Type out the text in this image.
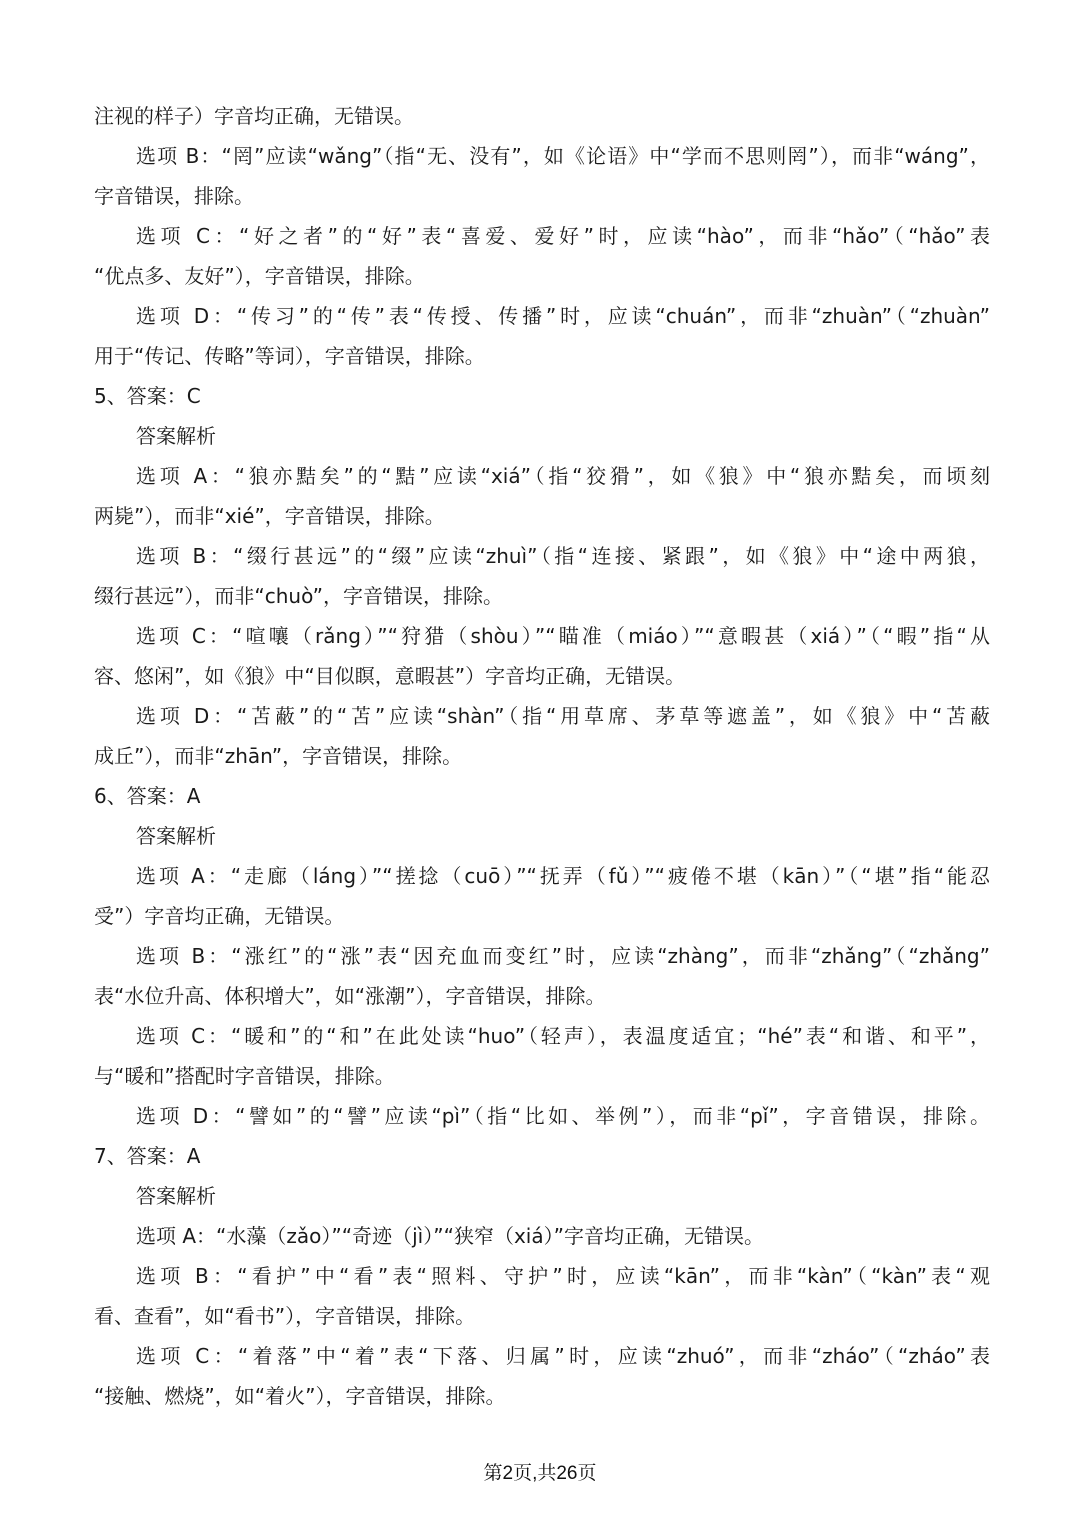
注视的样子）字音均正确，无错误。
选项 B：“罔”应读“wǎng”（指“无、没有”，如《论语》中“学而不思则罔”），而非“wáng”，
字音错误，排除。
选项 C：“好之者”的“好”表“喜爱、爱好”时，应读“hào”，而非“hǎo”（“hǎo”表
“优点多、友好”），字音错误，排除。
选项 D：“传习”的“传”表“传授、传播”时，应读“chuán”，而非“zhuàn”（“zhuàn”
用于“传记、传略”等词），字音错误，排除。
5、答案：C
答案解析
选项 A：“狼亦黠矣”的“黠”应读“xiá”（指“狡猾”，如《狼》中“狼亦黠矣，而顷刻
两毙”），而非“xié”，字音错误，排除。
选项 B：“缀行甚远”的“缀”应读“zhuì”（指“连接、紧跟”，如《狼》中“途中两狼，
缀行甚远”），而非“chuò”，字音错误，排除。
选项 C：“喧嚷（rǎng）”“狩猎（shòu）”“瞄准（miáo）”“意暇甚（xiá）”（“暇”指“从
容、悠闲”，如《狼》中“目似瞑，意暇甚”）字音均正确，无错误。
选项 D：“苫蔽”的“苫”应读“shàn”（指“用草席、茅草等遮盖”，如《狼》中“苫蔽
成丘”），而非“zhān”，字音错误，排除。
6、答案：A
答案解析
选项 A：“走廊（láng）”“搓捻（cuō）”“抚弄（fǔ）”“疲倦不堪（kān）”（“堪”指“能忍
受”）字音均正确，无错误。
选项 B：“涨红”的“涨”表“因充血而变红”时，应读“zhàng”，而非“zhǎng”（“zhǎng”
表“水位升高、体积增大”，如“涨潮”），字音错误，排除。
选项 C：“暖和”的“和”在此处读“huo”（轻声），表温度适宜；“hé”表“和谐、和平”，
与“暖和”搭配时字音错误，排除。
选项 D：“譬如”的“譬”应读“pì”（指“比如、举例”），而非“pǐ”，字音错误，排除。
7、答案：A
答案解析
选项 A：“水藻（zǎo）”“奇迹（jì）”“狭窄（xiá）”字音均正确，无错误。
选项 B：“看护”中“看”表“照料、守护”时，应读“kān”，而非“kàn”（“kàn”表“观
看、查看”，如“看书”），字音错误，排除。
选项 C：“着落”中“着”表“下落、归属”时，应读“zhuó”，而非“zháo”（“zháo”表
“接触、燃烧”，如“着火”），字音错误，排除。
第2页,共26页
